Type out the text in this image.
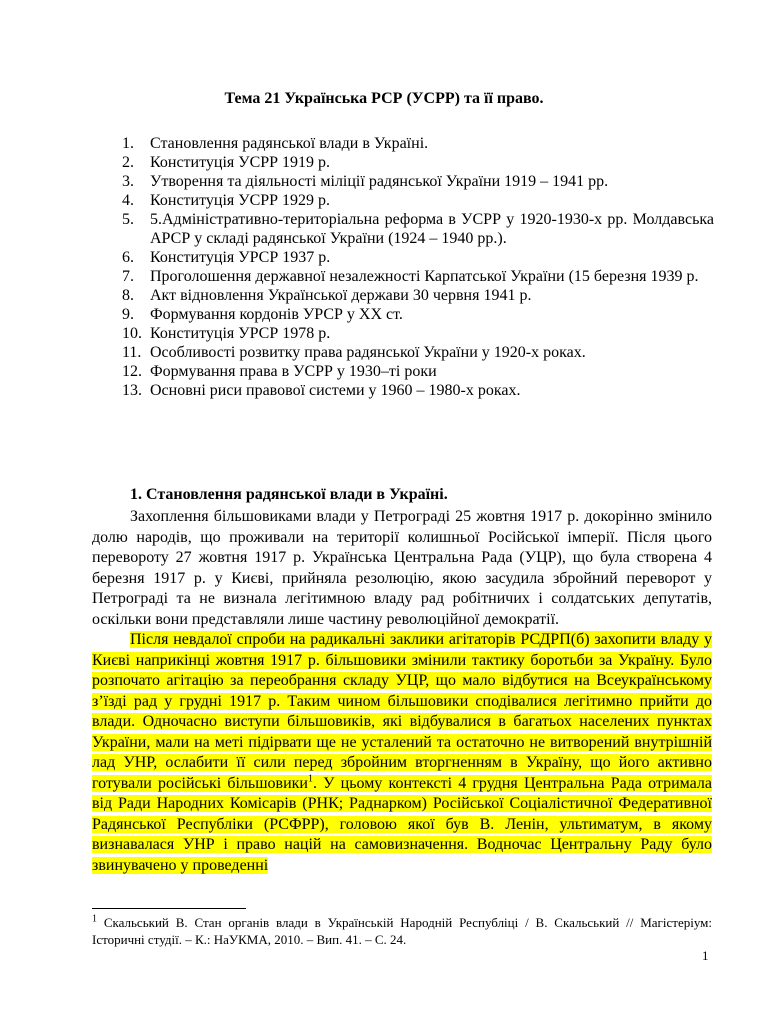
Тема 21 Українська РСР (УСРР) та її право.
1.	Становлення радянської влади в Україні.
2.	Конституція УСРР 1919 р.
3.	Утворення та діяльності міліції радянської України 1919 – 1941 рр.
4.	Конституція УСРР 1929 р.
5.	5.Адміністративно-територіальна реформа в УСРР у 1920-1930-х рр. Молдавська АРСР у складі радянської України (1924 – 1940 рр.).
6.	Конституція УРСР 1937 р.
7.	Проголошення державної незалежності Карпатської України (15 березня 1939 р.
8.	Акт відновлення Української держави 30 червня 1941 р.
9.	Формування кордонів УРСР у XX ст.
10. Конституція УРСР 1978 р.
11. Особливості розвитку права радянської України у 1920-х роках.
12. Формування права в УСРР у 1930–ті роки
13. Основні риси правової системи у 1960 – 1980-х роках.
1. Становлення радянської влади в Україні.

Захоплення більшовиками влади у Петрограді 25 жовтня 1917 р. докорінно змінило долю народів, що проживали на території колишньої Російської імперії. Після цього перевороту 27 жовтня 1917 р. Українська Центральна Рада (УЦР), що була створена 4 березня 1917 р. у Києві, прийняла резолюцію, якою засудила збройний переворот у Петрограді та не визнала легітимною владу рад робітничих і солдатських депутатів, оскільки вони представляли лише частину революційної демократії.

Після невдалої спроби на радикальні заклики агітаторів РСДРП(б) захопити владу у Києві наприкінці жовтня 1917 р. більшовики змінили тактику боротьби за Україну. Було розпочато агітацію за переобрання складу УЦР, що мало відбутися на Всеукраїнському з’їзді рад у грудні 1917 р. Таким чином більшовики сподівалися легітимно прийти до влади. Одночасно виступи більшовиків, які відбувалися в багатьох населених пунктах України, мали на меті підірвати ще не усталений та остаточно не витворений внутрішній лад УНР, ослабити її сили перед збройним вторгненням в Україну, що його активно готували російські більшовики$^1$. У цьому контексті 4 грудня Центральна Рада отримала від Ради Народних Комісарів (РНК; Раднарком) Російської Соціалістичної Федеративної Радянської Республіки (РСФРР), головою якої був В. Ленін, ультиматум, в якому визнавалася УНР і право націй на самовизначення. Водночас Центральну Раду було звинувачено у проведенні

$^1$ Скальський В. Стан органів влади в Українській Народній Республіці / В. Скальський // Магістеріум: Історичні студії. – К.: НаУКМА, 2010. – Вип. 41. – С. 24.

1
